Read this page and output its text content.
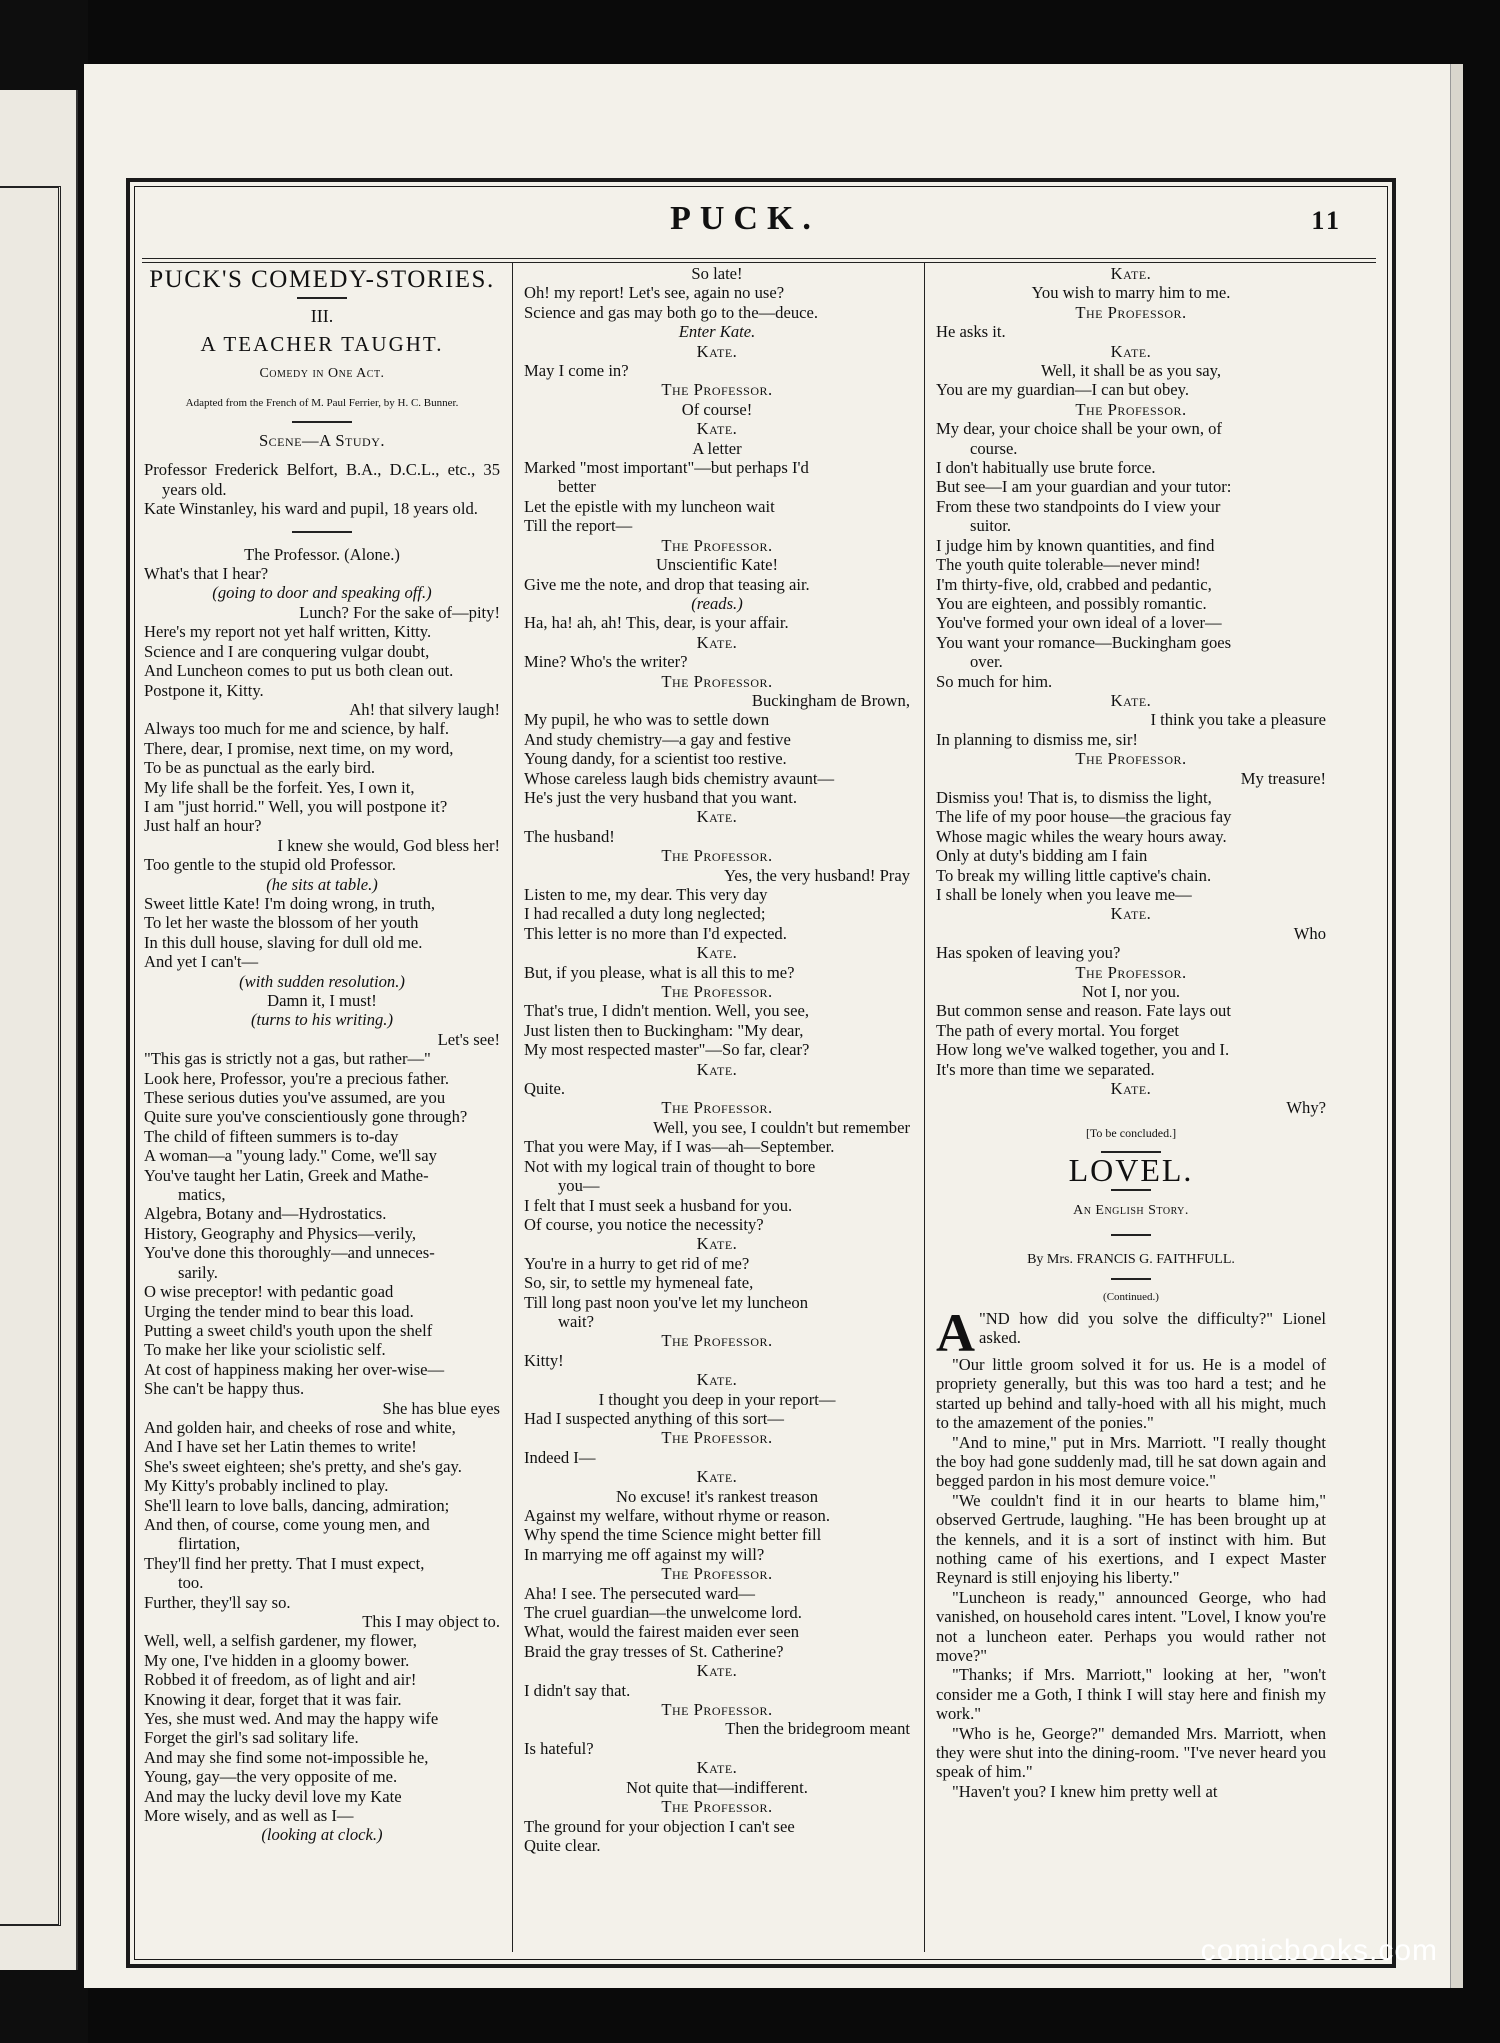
PUCK.	11

PUCK'S COMEDY-STORIES.

III.

A TEACHER TAUGHT.

Comedy in One Act.

Adapted from the French of M. Paul Ferrier, by H. C. Bunner.

Scene—A Study.

Professor Frederick Belfort, B.A., D.C.L., etc., 35 years old.

Kate Winstanley, his ward and pupil, 18 years old.

The Professor. (Alone.)

What's that I hear?

(going to door and speaking off.)

Lunch? For the sake of—pity!

Here's my report not yet half written, Kitty.

Science and I are conquering vulgar doubt,

And Luncheon comes to put us both clean out.

Postpone it, Kitty.

Ah! that silvery laugh!

Always too much for me and science, by half.

There, dear, I promise, next time, on my word,

To be as punctual as the early bird.

My life shall be the forfeit. Yes, I own it,

I am "just horrid." Well, you will postpone it?

Just half an hour?

I knew she would, God bless her!

Too gentle to the stupid old Professor.

(he sits at table.)

Sweet little Kate! I'm doing wrong, in truth,

To let her waste the blossom of her youth

In this dull house, slaving for dull old me.

And yet I can't—

(with sudden resolution.)

Damn it, I must!

(turns to his writing.)

Let's see!

"This gas is strictly not a gas, but rather—"

Look here, Professor, you're a precious father.

These serious duties you've assumed, are you

Quite sure you've conscientiously gone through?

The child of fifteen summers is to-day

A woman—a "young lady." Come, we'll say

You've taught her Latin, Greek and Mathe-

matics,

Algebra, Botany and—Hydrostatics.

History, Geography and Physics—verily,

You've done this thoroughly—and unneces-

sarily.

O wise preceptor! with pedantic goad

Urging the tender mind to bear this load.

Putting a sweet child's youth upon the shelf

To make her like your sciolistic self.

At cost of happiness making her over-wise—

She can't be happy thus.

She has blue eyes

And golden hair, and cheeks of rose and white,

And I have set her Latin themes to write!

She's sweet eighteen; she's pretty, and she's gay.

My Kitty's probably inclined to play.

She'll learn to love balls, dancing, admiration;

And then, of course, come young men, and

flirtation,

They'll find her pretty. That I must expect,

too.

Further, they'll say so.

This I may object to.

Well, well, a selfish gardener, my flower,

My one, I've hidden in a gloomy bower.

Robbed it of freedom, as of light and air!

Knowing it dear, forget that it was fair.

Yes, she must wed. And may the happy wife

Forget the girl's sad solitary life.

And may she find some not-impossible he,

Young, gay—the very opposite of me.

And may the lucky devil love my Kate

More wisely, and as well as I—

(looking at clock.)

So late!

Oh! my report! Let's see, again no use?

Science and gas may both go to the—deuce.

Enter Kate.

Kate.

May I come in?

The Professor.

Of course!

Kate.

A letter

Marked "most important"—but perhaps I'd

better

Let the epistle with my luncheon wait

Till the report—

The Professor.

Unscientific Kate!

Give me the note, and drop that teasing air.

(reads.)

Ha, ha! ah, ah! This, dear, is your affair.

Kate.

Mine? Who's the writer?

The Professor.

Buckingham de Brown,

My pupil, he who was to settle down

And study chemistry—a gay and festive

Young dandy, for a scientist too restive.

Whose careless laugh bids chemistry avaunt—

He's just the very husband that you want.

Kate.

The husband!

The Professor.

Yes, the very husband! Pray

Listen to me, my dear. This very day

I had recalled a duty long neglected;

This letter is no more than I'd expected.

Kate.

But, if you please, what is all this to me?

The Professor.

That's true, I didn't mention. Well, you see,

Just listen then to Buckingham: "My dear,

My most respected master"—So far, clear?

Kate.

Quite.

The Professor.

Well, you see, I couldn't but remember

That you were May, if I was—ah—September.

Not with my logical train of thought to bore

you—

I felt that I must seek a husband for you.

Of course, you notice the necessity?

Kate.

You're in a hurry to get rid of me?

So, sir, to settle my hymeneal fate,

Till long past noon you've let my luncheon

wait?

The Professor.

Kitty!

Kate.

I thought you deep in your report—

Had I suspected anything of this sort—

The Professor.

Indeed I—

Kate.

No excuse! it's rankest treason

Against my welfare, without rhyme or reason.

Why spend the time Science might better fill

In marrying me off against my will?

The Professor.

Aha! I see. The persecuted ward—

The cruel guardian—the unwelcome lord.

What, would the fairest maiden ever seen

Braid the gray tresses of St. Catherine?

Kate.

I didn't say that.

The Professor.

Then the bridegroom meant

Is hateful?

Kate.

Not quite that—indifferent.

The Professor.

The ground for your objection I can't see

Quite clear.

Kate.

You wish to marry him to me.

The Professor.

He asks it.

Kate.

Well, it shall be as you say,

You are my guardian—I can but obey.

The Professor.

My dear, your choice shall be your own, of

course.

I don't habitually use brute force.

But see—I am your guardian and your tutor:

From these two standpoints do I view your

suitor.

I judge him by known quantities, and find

The youth quite tolerable—never mind!

I'm thirty-five, old, crabbed and pedantic,

You are eighteen, and possibly romantic.

You've formed your own ideal of a lover—

You want your romance—Buckingham goes

over.

So much for him.

Kate.

I think you take a pleasure

In planning to dismiss me, sir!

The Professor.

My treasure!

Dismiss you! That is, to dismiss the light,

The life of my poor house—the gracious fay

Whose magic whiles the weary hours away.

Only at duty's bidding am I fain

To break my willing little captive's chain.

I shall be lonely when you leave me—

Kate.

Who

Has spoken of leaving you?

The Professor.

Not I, nor you.

But common sense and reason. Fate lays out

The path of every mortal. You forget

How long we've walked together, you and I.

It's more than time we separated.

Kate.

Why?

[To be concluded.]

LOVEL.

An English Story.

By Mrs. FRANCIS G. FAITHFULL.

(Continued.)

A "ND how did you solve the difficulty?" Lionel asked.

"Our little groom solved it for us. He is a model of propriety generally, but this was too hard a test; and he started up behind and tally-hoed with all his might, much to the amazement of the ponies."

"And to mine," put in Mrs. Marriott. "I really thought the boy had gone suddenly mad, till he sat down again and begged pardon in his most demure voice."

"We couldn't find it in our hearts to blame him," observed Gertrude, laughing. "He has been brought up at the kennels, and it is a sort of instinct with him. But nothing came of his exertions, and I expect Master Reynard is still enjoying his liberty."

"Luncheon is ready," announced George, who had vanished, on household cares intent. "Lovel, I know you're not a luncheon eater. Perhaps you would rather not move?"

"Thanks; if Mrs. Marriott," looking at her, "won't consider me a Goth, I think I will stay here and finish my work."

"Who is he, George?" demanded Mrs. Marriott, when they were shut into the dining-room. "I've never heard you speak of him."

"Haven't you? I knew him pretty well at

comicbooks.com
